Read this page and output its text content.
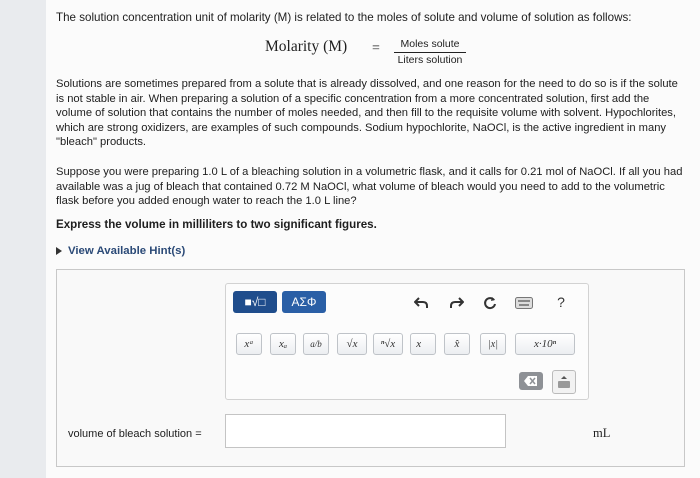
The solution concentration unit of molarity (M) is related to the moles of solute and volume of solution as follows:
Molarity (M) =	Moles solute
Liters solution
Solutions are sometimes prepared from a solute that is already dissolved, and one reason for the need to do so is if the solute is not stable in air. When preparing a solution of a specific concentration from a more concentrated solution, first add the volume of solution that contains the number of moles needed, and then fill to the requisite volume with solvent. Hypochlorites, which are strong oxidizers, are examples of such compounds. Sodium hypochlorite, NaOCl, is the active ingredient in many "bleach" products.
Suppose you were preparing 1.0 L of a bleaching solution in a volumetric flask, and it calls for 0.21 mol of NaOCl. If all you had available was a jug of bleach that contained 0.72 M NaOCl, what volume of bleach would you need to add to the volumetric flask before you added enough water to reach the 1.0 L line?
Express the volume in milliliters to two significant figures.
View Available Hint(s)
■√□ ΑΣΦ	?
xᵃ	xₐ	a/b	√x	ⁿ√x	x⃗	x̂	|x|	x·10ⁿ
volume of bleach solution =	mL
